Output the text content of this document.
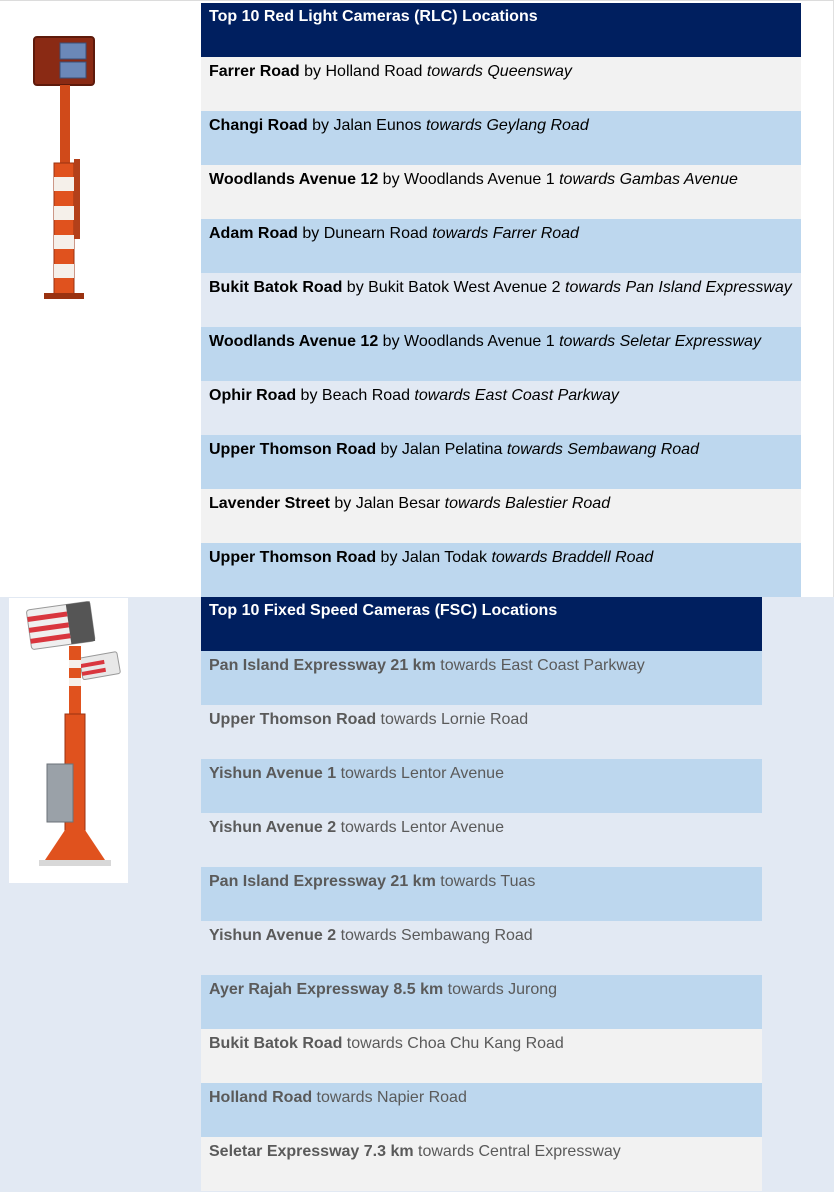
Top 10 Red Light Cameras (RLC) Locations
Farrer Road by Holland Road towards Queensway
Changi Road by Jalan Eunos towards Geylang Road
Woodlands Avenue 12 by Woodlands Avenue 1 towards Gambas Avenue
Adam Road by Dunearn Road towards Farrer Road
Bukit Batok Road by Bukit Batok West Avenue 2 towards Pan Island Expressway
Woodlands Avenue 12 by Woodlands Avenue 1 towards Seletar Expressway
Ophir Road by Beach Road towards East Coast Parkway
Upper Thomson Road by Jalan Pelatina towards Sembawang Road
Lavender Street by Jalan Besar towards Balestier Road
Upper Thomson Road by Jalan Todak towards Braddell Road
Top 10 Fixed Speed Cameras (FSC) Locations
Pan Island Expressway 21 km towards East Coast Parkway
Upper Thomson Road towards Lornie Road
Yishun Avenue 1 towards Lentor Avenue
Yishun Avenue 2 towards Lentor Avenue
Pan Island Expressway 21 km towards Tuas
Yishun Avenue 2 towards Sembawang Road
Ayer Rajah Expressway 8.5 km towards Jurong
Bukit Batok Road towards Choa Chu Kang Road
Holland Road towards Napier Road
Seletar Expressway 7.3 km towards Central Expressway
